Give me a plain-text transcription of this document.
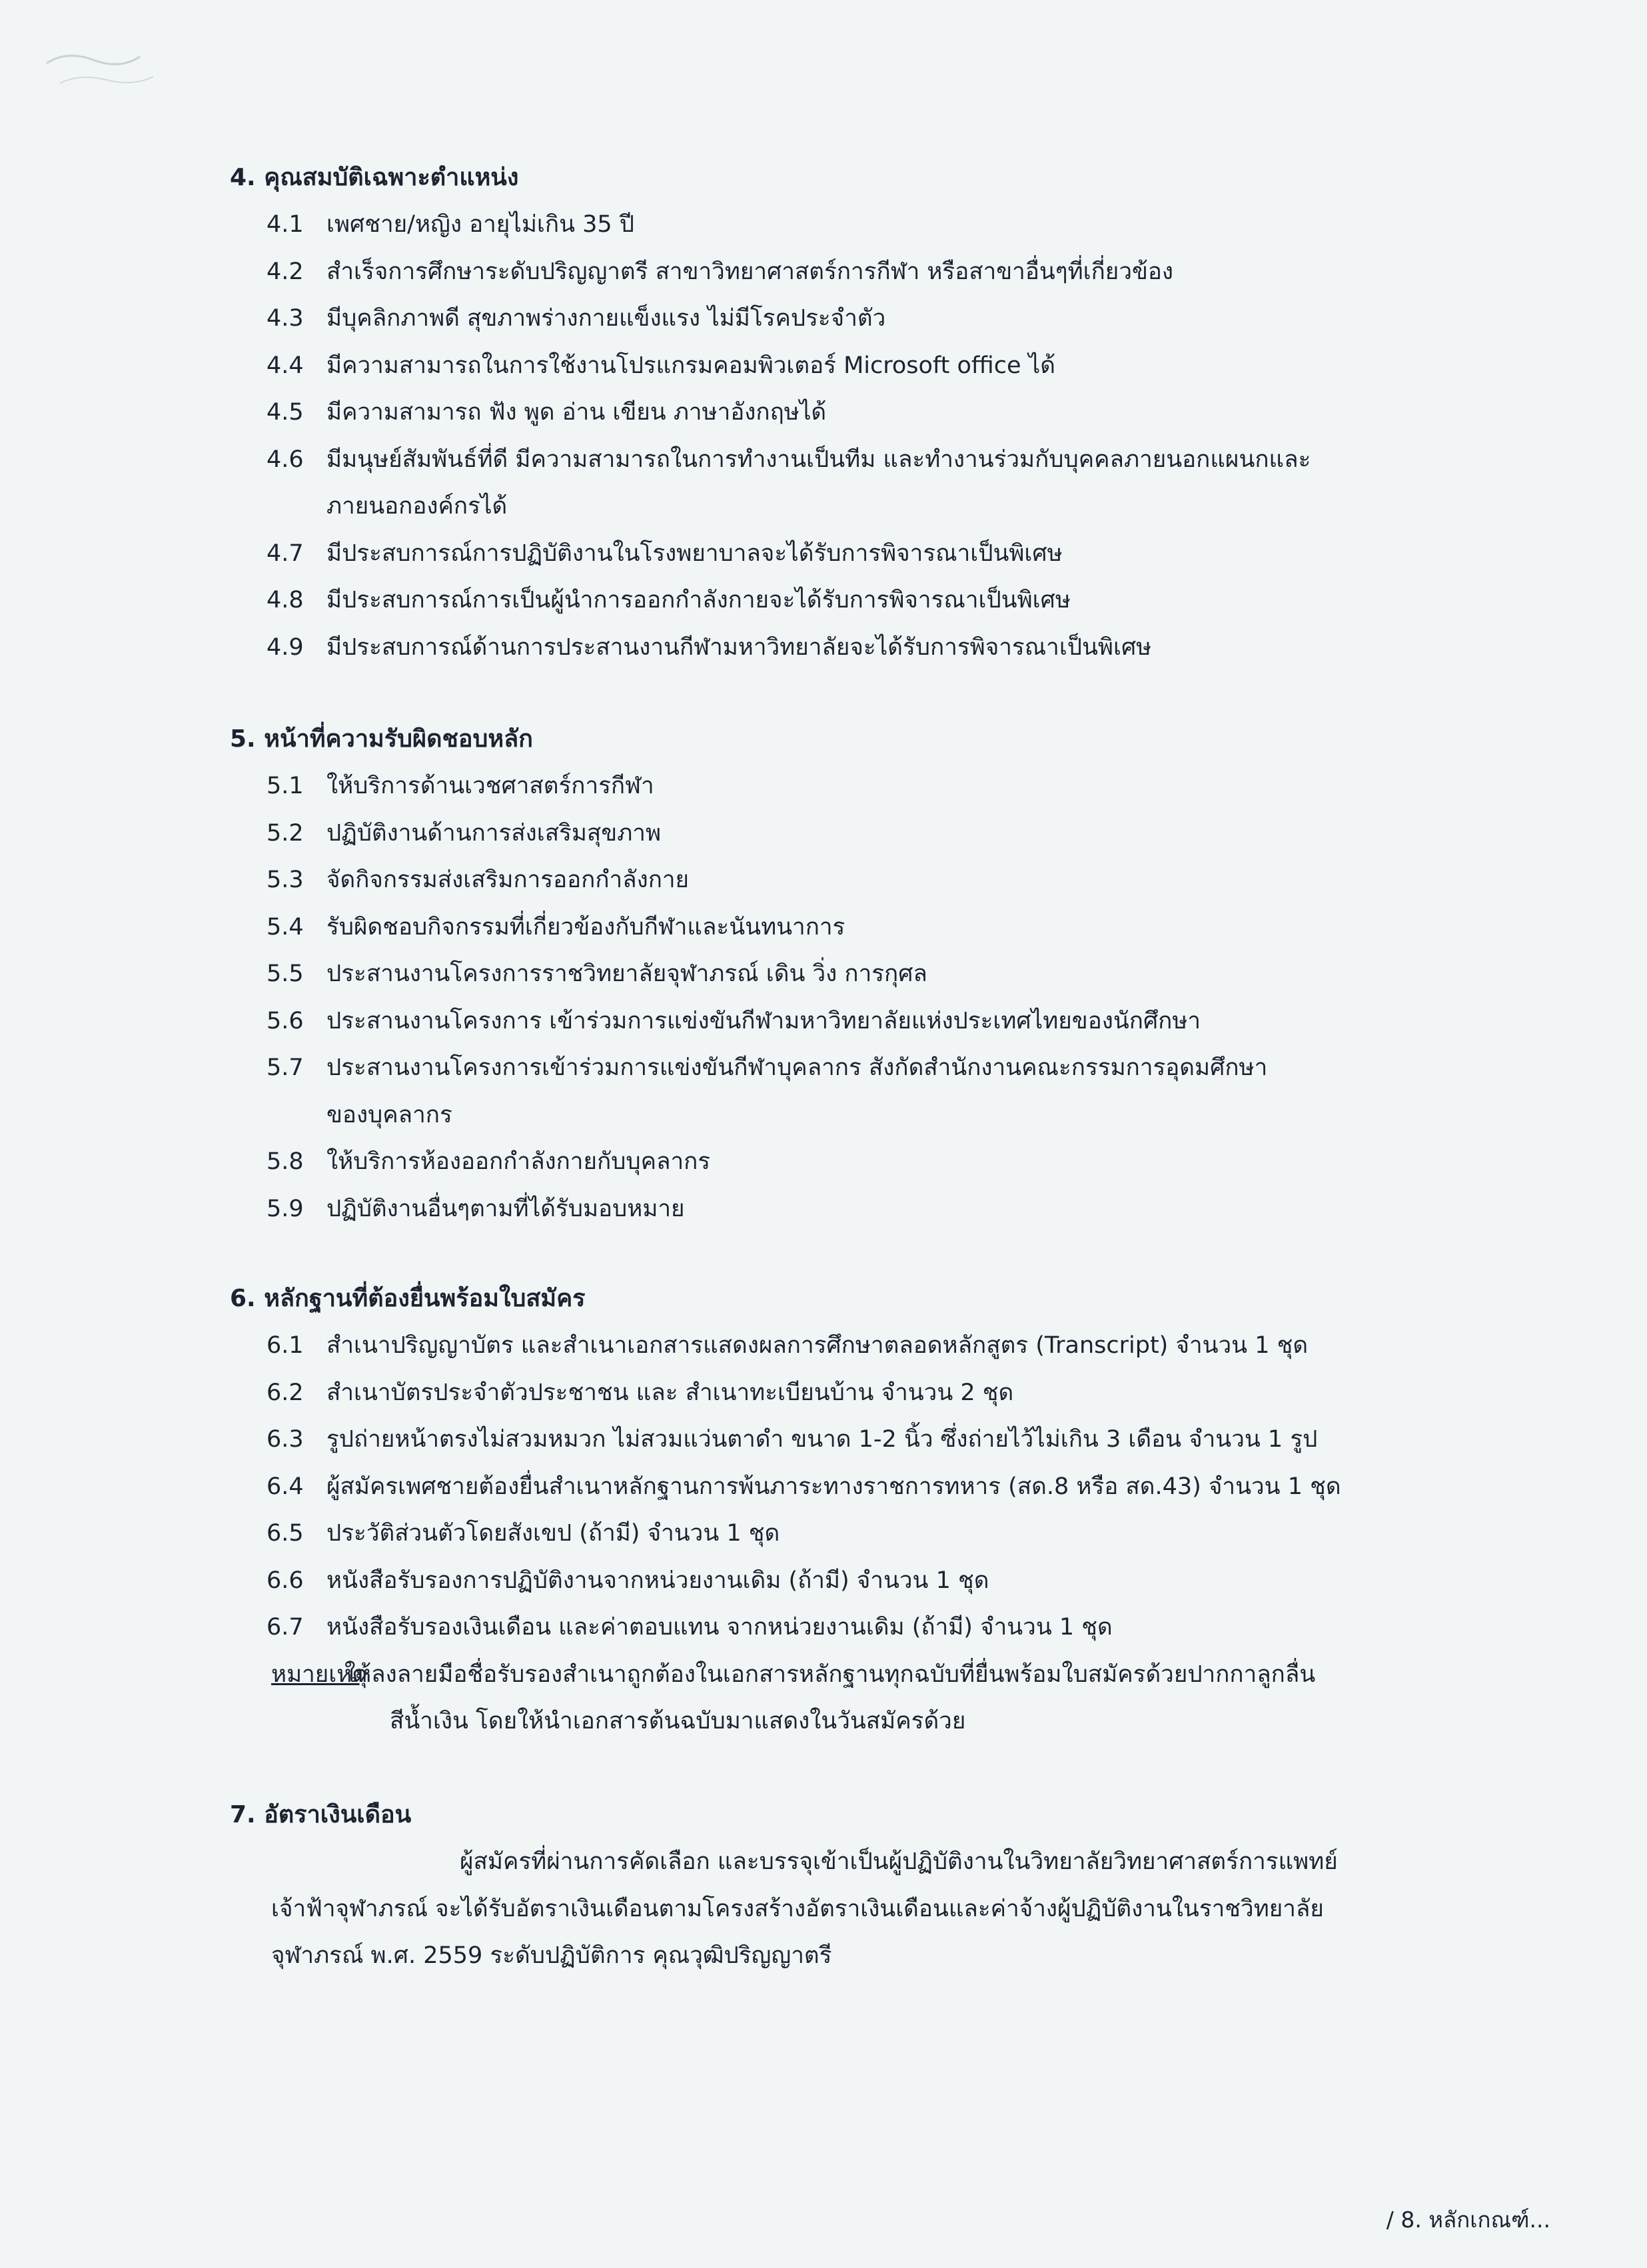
4. คุณสมบัติเฉพาะตำแหน่ง
4.1 เพศชาย/หญิง อายุไม่เกิน 35 ปี
4.2 สำเร็จการศึกษาระดับปริญญาตรี สาขาวิทยาศาสตร์การกีฬา หรือสาขาอื่นๆที่เกี่ยวข้อง
4.3 มีบุคลิกภาพดี สุขภาพร่างกายแข็งแรง ไม่มีโรคประจำตัว
4.4 มีความสามารถในการใช้งานโปรแกรมคอมพิวเตอร์ Microsoft office ได้
4.5 มีความสามารถ ฟัง พูด อ่าน เขียน ภาษาอังกฤษได้
4.6 มีมนุษย์สัมพันธ์ที่ดี มีความสามารถในการทำงานเป็นทีม และทำงานร่วมกับบุคคลภายนอกแผนกและ
ภายนอกองค์กรได้
4.7 มีประสบการณ์การปฏิบัติงานในโรงพยาบาลจะได้รับการพิจารณาเป็นพิเศษ
4.8 มีประสบการณ์การเป็นผู้นำการออกกำลังกายจะได้รับการพิจารณาเป็นพิเศษ
4.9 มีประสบการณ์ด้านการประสานงานกีฬามหาวิทยาลัยจะได้รับการพิจารณาเป็นพิเศษ
5. หน้าที่ความรับผิดชอบหลัก
5.1 ให้บริการด้านเวชศาสตร์การกีฬา
5.2 ปฏิบัติงานด้านการส่งเสริมสุขภาพ
5.3 จัดกิจกรรมส่งเสริมการออกกำลังกาย
5.4 รับผิดชอบกิจกรรมที่เกี่ยวข้องกับกีฬาและนันทนาการ
5.5 ประสานงานโครงการราชวิทยาลัยจุฬาภรณ์ เดิน วิ่ง การกุศล
5.6 ประสานงานโครงการ เข้าร่วมการแข่งขันกีฬามหาวิทยาลัยแห่งประเทศไทยของนักศึกษา
5.7 ประสานงานโครงการเข้าร่วมการแข่งขันกีฬาบุคลากร สังกัดสำนักงานคณะกรรมการอุดมศึกษา
ของบุคลากร
5.8 ให้บริการห้องออกกำลังกายกับบุคลากร
5.9 ปฏิบัติงานอื่นๆตามที่ได้รับมอบหมาย
6. หลักฐานที่ต้องยื่นพร้อมใบสมัคร
6.1 สำเนาปริญญาบัตร และสำเนาเอกสารแสดงผลการศึกษาตลอดหลักสูตร (Transcript) จำนวน 1 ชุด
6.2 สำเนาบัตรประจำตัวประชาชน และ สำเนาทะเบียนบ้าน จำนวน 2 ชุด
6.3 รูปถ่ายหน้าตรงไม่สวมหมวก ไม่สวมแว่นตาดำ ขนาด 1-2 นิ้ว ซึ่งถ่ายไว้ไม่เกิน 3 เดือน จำนวน 1 รูป
6.4 ผู้สมัครเพศชายต้องยื่นสำเนาหลักฐานการพ้นภาระทางราชการทหาร (สด.8 หรือ สด.43) จำนวน 1 ชุด
6.5 ประวัติส่วนตัวโดยสังเขป (ถ้ามี) จำนวน 1 ชุด
6.6 หนังสือรับรองการปฏิบัติงานจากหน่วยงานเดิม (ถ้ามี) จำนวน 1 ชุด
6.7 หนังสือรับรองเงินเดือน และค่าตอบแทน จากหน่วยงานเดิม (ถ้ามี) จำนวน 1 ชุด
หมายเหตุ
ให้ลงลายมือชื่อรับรองสำเนาถูกต้องในเอกสารหลักฐานทุกฉบับที่ยื่นพร้อมใบสมัครด้วยปากกาลูกลื่น
สีน้ำเงิน โดยให้นำเอกสารต้นฉบับมาแสดงในวันสมัครด้วย
7. อัตราเงินเดือน
ผู้สมัครที่ผ่านการคัดเลือก และบรรจุเข้าเป็นผู้ปฏิบัติงานในวิทยาลัยวิทยาศาสตร์การแพทย์
เจ้าฟ้าจุฬาภรณ์ จะได้รับอัตราเงินเดือนตามโครงสร้างอัตราเงินเดือนและค่าจ้างผู้ปฏิบัติงานในราชวิทยาลัย
จุฬาภรณ์ พ.ศ. 2559 ระดับปฏิบัติการ คุณวุฒิปริญญาตรี
/ 8. หลักเกณฑ์...
